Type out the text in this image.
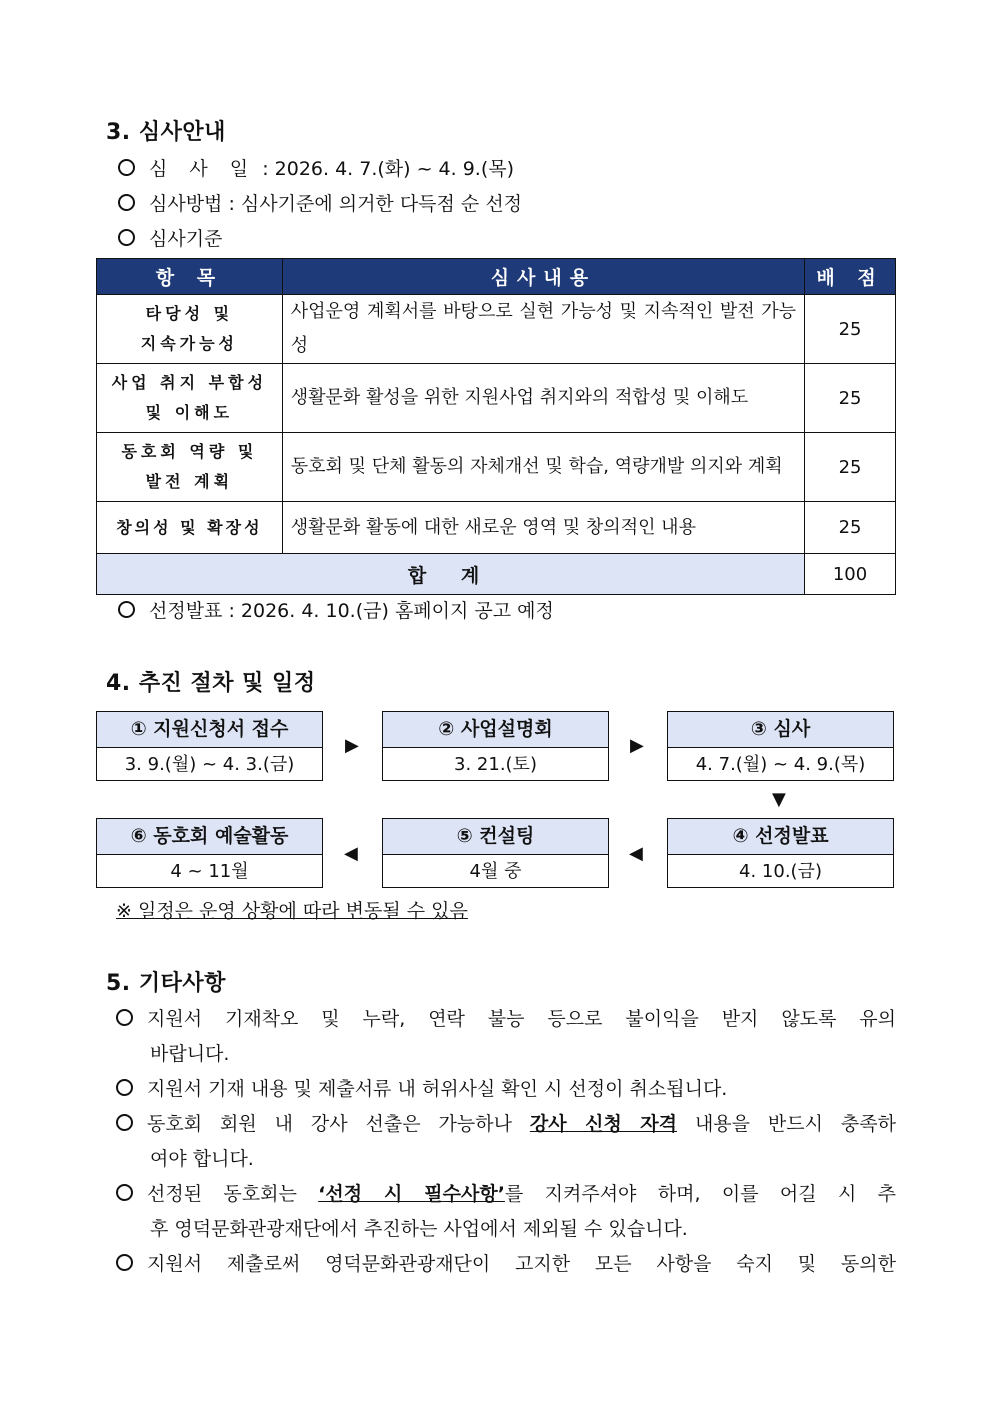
3. 심사안내
심 사 일 : 2026. 4. 7.(화) ~ 4. 9.(목)
심사방법 : 심사기준에 의거한 다득점 순 선정
심사기준
항 목	심사내용	배 점

타당성 및
지속가능성	사업운영 계획서를 바탕으로 실현 가능성 및 지속적인 발전 가능성	25

사업 취지 부합성
및 이해도	생활문화 활성을 위한 지원사업 취지와의 적합성 및 이해도	25

동호회 역량 및
발전 계획	동호회 및 단체 활동의 자체개선 및 학습, 역량개발 의지와 계획	25
창의성 및 확장성	생활문화 활동에 대한 새로운 영역 및 창의적인 내용	25
합 계		100
선정발표 : 2026. 4. 10.(금) 홈페이지 공고 예정
4. 추진 절차 및 일정
① 지원신청서 접수
3. 9.(월) ~ 4. 3.(금)
▶
② 사업설명회
3. 21.(토)
▶
③ 심사
4. 7.(월) ~ 4. 9.(목)
▼
⑥ 동호회 예술활동
4 ~ 11월
◀
⑤ 컨설팅
4월 중
◀
④ 선정발표
4. 10.(금)
※ 일정은 운영 상황에 따라 변동될 수 있음
5. 기타사항
지원서 기재착오 및 누락, 연락 불능 등으로 불이익을 받지 않도록 유의
바랍니다.
지원서 기재 내용 및 제출서류 내 허위사실 확인 시 선정이 취소됩니다.
동호회 회원 내 강사 선출은 가능하나 강사 신청 자격 내용을 반드시 충족하
여야 합니다.
선정된 동호회는 ‘선정 시 필수사항’를 지켜주셔야 하며, 이를 어길 시 추
후 영덕문화관광재단에서 추진하는 사업에서 제외될 수 있습니다.
지원서 제출로써 영덕문화관광재단이 고지한 모든 사항을 숙지 및 동의한
